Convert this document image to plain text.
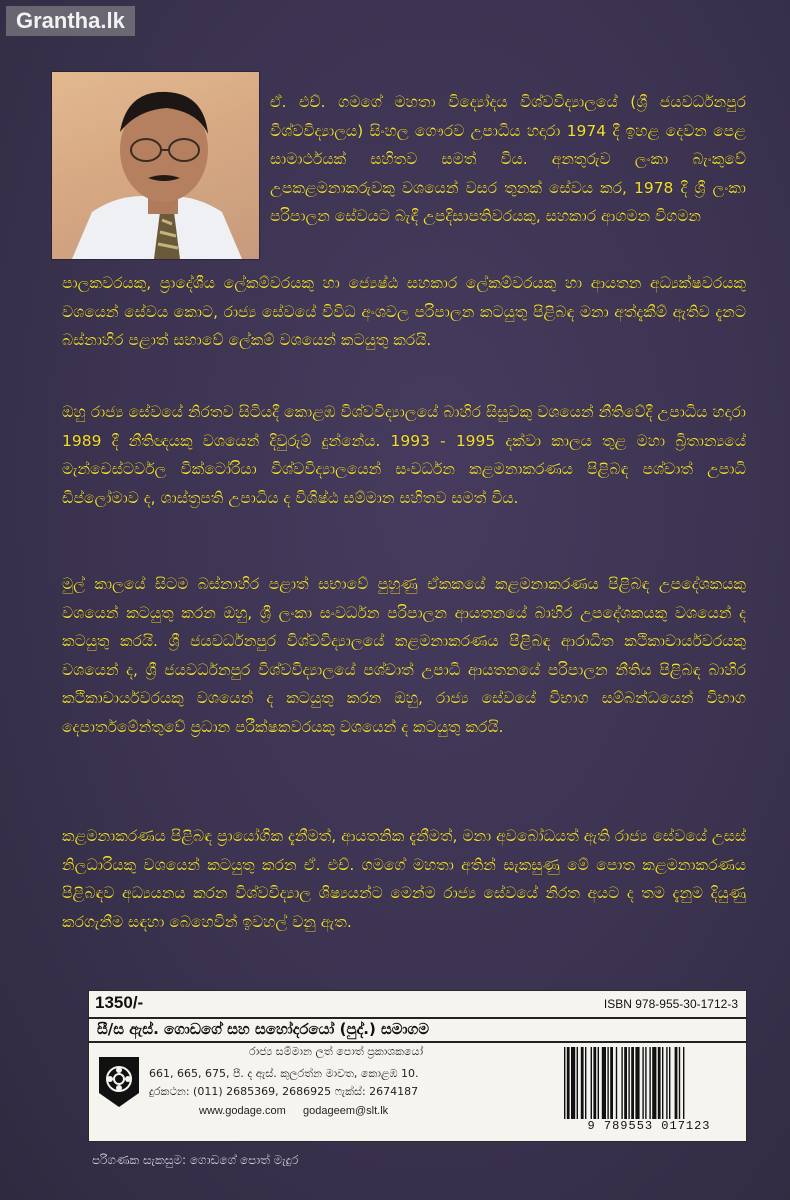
Grantha.lk
ඒ. එච්. ගමගේ මහතා විද්‍යෝදය විශ්වවිද්‍යාලයේ (ශ්‍රී ජයවර්ධනපුර විශ්වවිද්‍යාලය) සිංහල ගෞරව උපාධිය හදාරා 1974 දී ඉහළ දෙවන පෙළ සාමාර්ථයක් සහිතව සමත් විය. අනතුරුව ලංකා බැංකුවේ උපකළමනාකරුවකු වශයෙන් වසර තුනක් සේවය කර, 1978 දී ශ්‍රී ලංකා පරිපාලන සේවයට බැඳී උපදිසාපතිවරයකු, සහකාර ආගමන විගමන
පාලකවරයකු, ප්‍රාදේශීය ලේකම්වරයකු හා ජ්‍යෙෂ්ඨ සහකාර ලේකම්වරයකු හා ආයතන අධ්‍යක්ෂවරයකු වශයෙන් සේවය කොට, රාජ්‍ය සේවයේ විවිධ අංශවල පරිපාලන කටයුතු පිළිබඳ මනා අත්දැකීම් ඇතිව දැනට බස්නාහිර පළාත් සභාවේ ලේකම් වශයෙන් කටයුතු කරයි.
ඔහු රාජ්‍ය සේවයේ නිරතව සිටියදී කොළඹ විශ්වවිද්‍යාලයේ බාහිර සිසුවකු වශයෙන් නීතිවේදී උපාධිය හදාරා 1989 දී නීතිඥයකු වශයෙන් දිවුරුම් දුන්නේය. 1993 - 1995 දක්වා කාලය තුළ මහා බ්‍රිතාන්‍යයේ මැන්චෙස්ටර්වල වික්ටෝරියා විශ්වවිද්‍යාලයෙන් සංවර්ධන කළමනාකරණය පිළිබඳ පශ්චාත් උපාධි ඩිප්ලෝමාව ද, ශාස්ත්‍රපති උපාධිය ද විශිෂ්ඨ සම්මාන සහිතව සමත් විය.
මුල් කාලයේ සිටම බස්නාහිර පළාත් සභාවේ පුහුණු ඒකකයේ කළමනාකරණය පිළිබඳ උපදේශකයකු වශයෙන් කටයුතු කරන ඔහු, ශ්‍රී ලංකා සංවර්ධන පරිපාලන ආයතනයේ බාහිර උපදේශකයකු වශයෙන් ද කටයුතු කරයි. ශ්‍රී ජයවර්ධනපුර විශ්වවිද්‍යාලයේ කළමනාකරණය පිළිබඳ ආරාධිත කථිකාචාර්යවරයකු වශයෙන් ද, ශ්‍රී ජයවර්ධනපුර විශ්වවිද්‍යාලයේ පශ්චාත් උපාධි ආයතනයේ පරිපාලන නීතිය පිළිබඳ බාහිර කථිකාචාර්යවරයකු වශයෙන් ද කටයුතු කරන ඔහු, රාජ්‍ය සේවයේ විභාග සම්බන්ධයෙන් විභාග දෙපාර්තමේන්තුවේ ප්‍රධාන පරීක්ෂකවරයකු වශයෙන් ද කටයුතු කරයි.
කළමනාකරණය පිළිබඳ ප්‍රායෝගික දැනීමත්, ආයතනික දැනීමත්, මනා අවබෝධයත් ඇති රාජ්‍ය සේවයේ උසස් නිලධාරියකු වශයෙන් කටයුතු කරන ඒ. එච්. ගමගේ මහතා අතින් සැකසුණු මේ පොත කළමනාකරණය පිළිබඳව අධ්‍යයනය කරන විශ්වවිද්‍යාල ශිෂ්‍යයන්ට මෙන්ම රාජ්‍ය සේවයේ නිරත අයට ද තම දැනුම දියුණු කරගැනීම සඳහා බෙහෙවින් ඉවහල් වනු ඇත.
1350/-	ISBN 978-955-30-1712-3
සී/ස ඇස්. ගොඩගේ සහ සහෝදරයෝ (පුද්.) සමාගම
රාජ්‍ය සම්මාන ලත් පොත් ප්‍රකාශකයෝ
661, 665, 675, පී. ද ඇස්. කුලරත්න මාවත, කොළඹ 10.
දුරකථන: (011) 2685369, 2686925 ෆැක්ස්: 2674187
www.godage.com godageem@slt.lk
9 789553 017123
පරිගණක සැකසුම: ගොඩගේ පොත් මැදුර
